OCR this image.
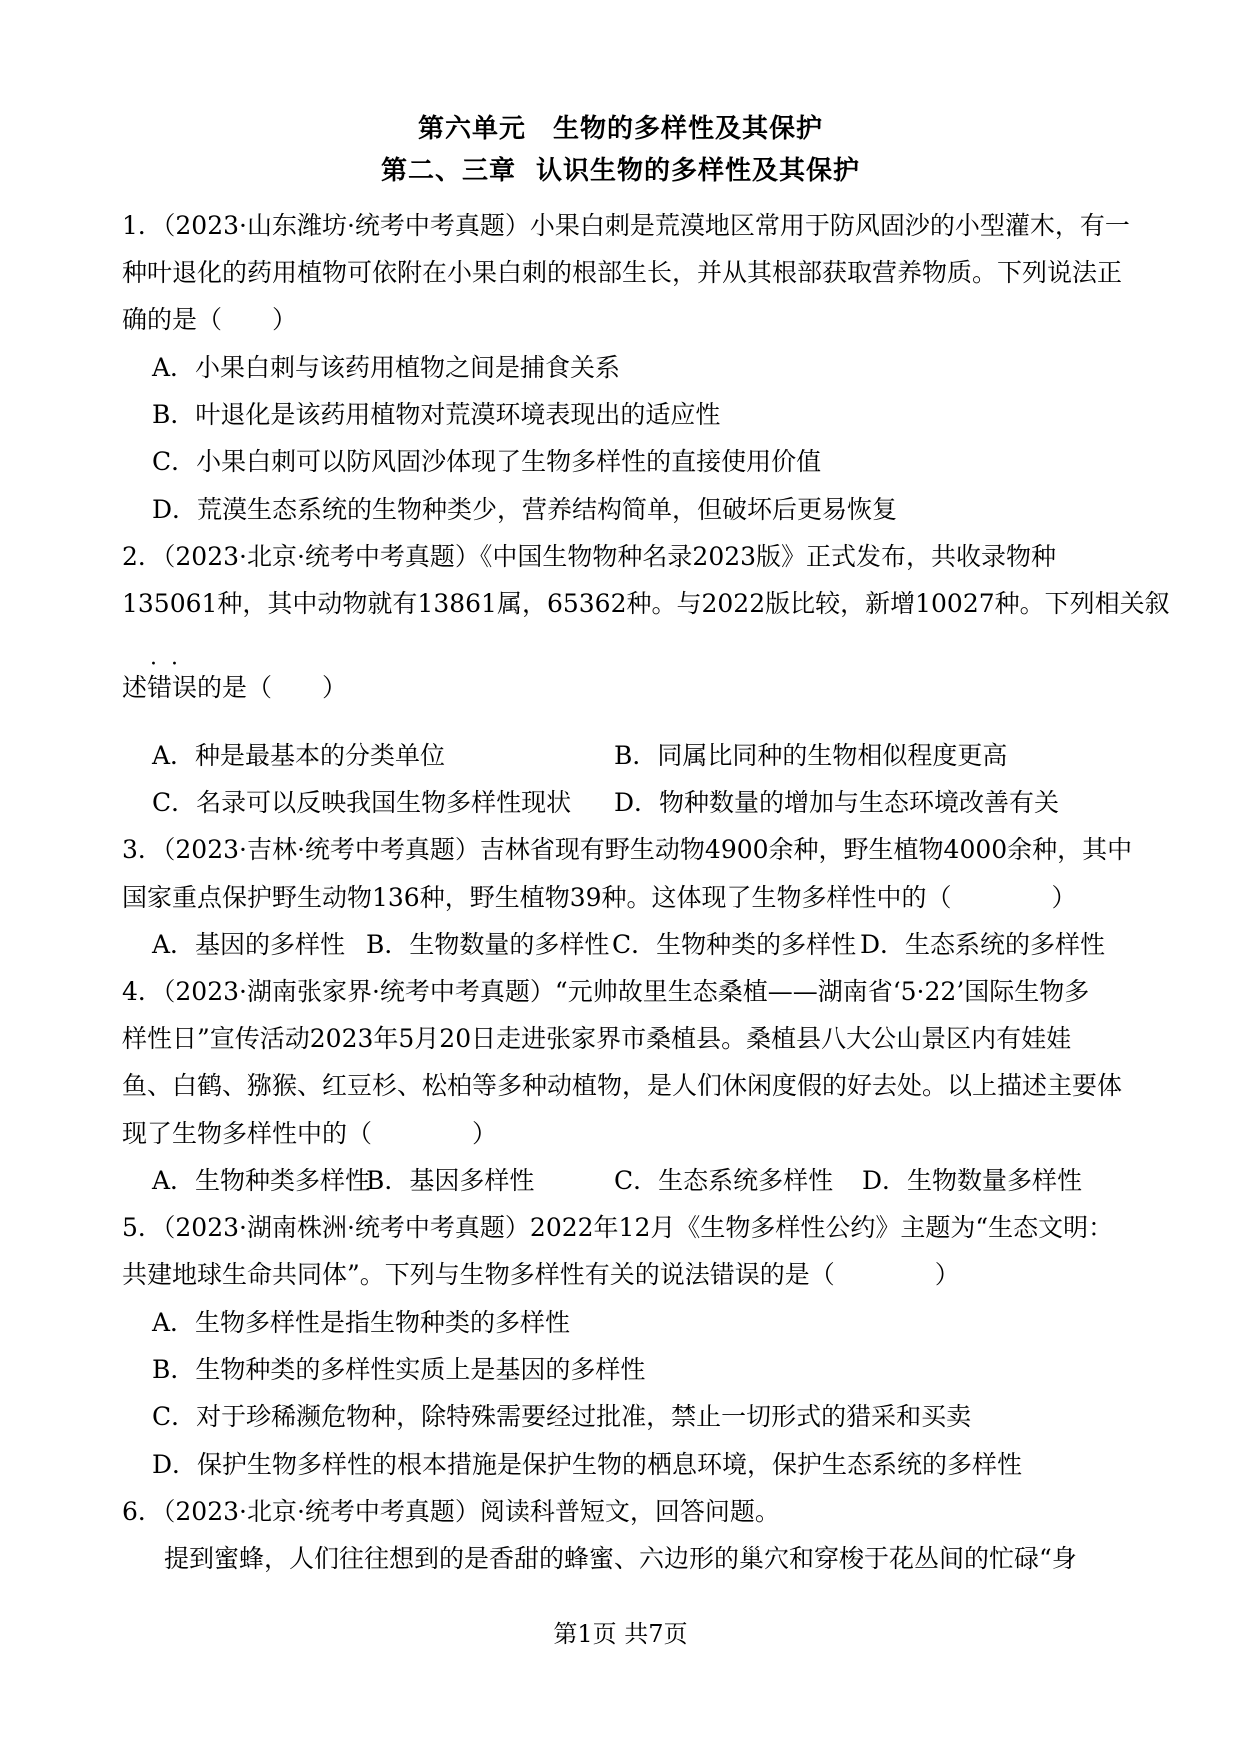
第六单元　生物的多样性及其保护
第二、三章  认识生物的多样性及其保护
1．（2023·山东潍坊·统考中考真题）小果白刺是荒漠地区常用于防风固沙的小型灌木，有一
种叶退化的药用植物可依附在小果白刺的根部生长，并从其根部获取营养物质。下列说法正
确的是（　　）
A．小果白刺与该药用植物之间是捕食关系
B．叶退化是该药用植物对荒漠环境表现出的适应性
C．小果白刺可以防风固沙体现了生物多样性的直接使用价值
D．荒漠生态系统的生物种类少，营养结构简单，但破坏后更易恢复
2．（2023·北京·统考中考真题）《中国生物物种名录2023版》正式发布，共收录物种
135061种，其中动物就有13861属，65362种。与2022版比较，新增10027种。下列相关叙
··
述错误的是（　　）
A．种是最基本的分类单位	B．同属比同种的生物相似程度更高
C．名录可以反映我国生物多样性现状 D．物种数量的增加与生态环境改善有关
3．（2023·吉林·统考中考真题）吉林省现有野生动物4900余种，野生植物4000余种，其中
国家重点保护野生动物136种，野生植物39种。这体现了生物多样性中的（　　　　）
A．基因的多样性 B．生物数量的多样性 C．生物种类的多样性 D．生态系统的多样性
4．（2023·湖南张家界·统考中考真题）“元帅故里生态桑植——湖南省‘5·22’国际生物多
样性日”宣传活动2023年5月20日走进张家界市桑植县。桑植县八大公山景区内有娃娃
鱼、白鹤、猕猴、红豆杉、松柏等多种动植物，是人们休闲度假的好去处。以上描述主要体
现了生物多样性中的（　　　　）
A．生物种类多样性
B．基因多样性	C．生态系统多样性 D．生物数量多样性
5．（2023·湖南株洲·统考中考真题）2022年12月《生物多样性公约》主题为“生态文明：
共建地球生命共同体”。下列与生物多样性有关的说法错误的是（　　　　）
A．生物多样性是指生物种类的多样性
B．生物种类的多样性实质上是基因的多样性
C．对于珍稀濒危物种，除特殊需要经过批准，禁止一切形式的猎采和买卖
D．保护生物多样性的根本措施是保护生物的栖息环境，保护生态系统的多样性
6．（2023·北京·统考中考真题）阅读科普短文，回答问题。
提到蜜蜂，人们往往想到的是香甜的蜂蜜、六边形的巢穴和穿梭于花丛间的忙碌“身
第1页 共7页
